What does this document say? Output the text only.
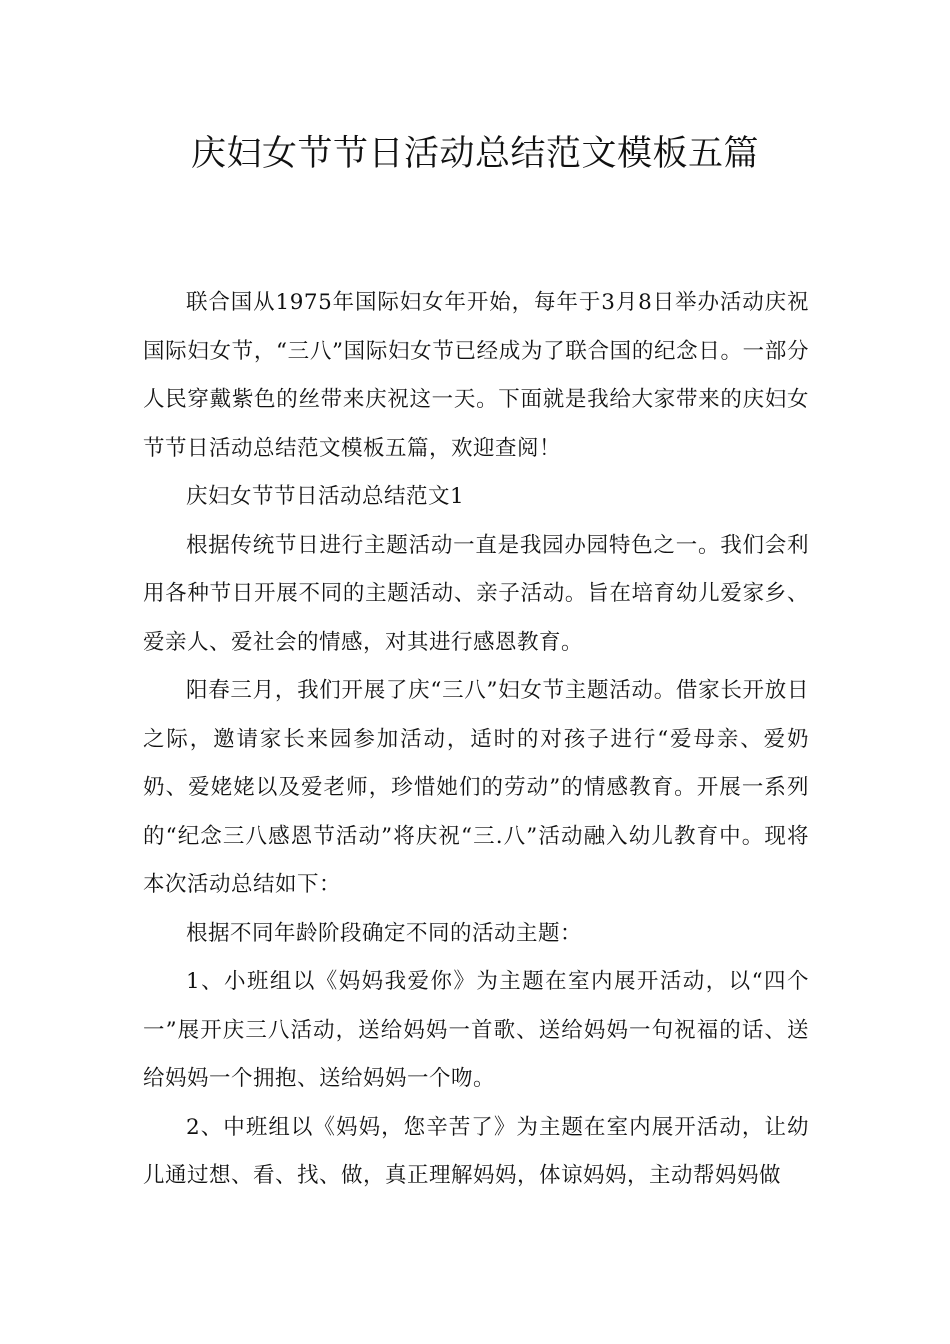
庆妇女节节日活动总结范文模板五篇

联合国从1975年国际妇女年开始，每年于3月8日举办活动庆祝国际妇女节，“三八”国际妇女节已经成为了联合国的纪念日。一部分人民穿戴紫色的丝带来庆祝这一天。下面就是我给大家带来的庆妇女节节日活动总结范文模板五篇，欢迎查阅！

庆妇女节节日活动总结范文1

根据传统节日进行主题活动一直是我园办园特色之一。我们会利用各种节日开展不同的主题活动、亲子活动。旨在培育幼儿爱家乡、爱亲人、爱社会的情感，对其进行感恩教育。

阳春三月，我们开展了庆“三八”妇女节主题活动。借家长开放日之际，邀请家长来园参加活动，适时的对孩子进行“爱母亲、爱奶奶、爱姥姥以及爱老师，珍惜她们的劳动”的情感教育。开展一系列的“纪念三八感恩节活动”将庆祝“三.八”活动融入幼儿教育中。现将本次活动总结如下：

根据不同年龄阶段确定不同的活动主题：

1、小班组以《妈妈我爱你》为主题在室内展开活动，以“四个一”展开庆三八活动，送给妈妈一首歌、送给妈妈一句祝福的话、送给妈妈一个拥抱、送给妈妈一个吻。

2、中班组以《妈妈，您辛苦了》为主题在室内展开活动，让幼儿通过想、看、找、做，真正理解妈妈，体谅妈妈，主动帮妈妈做
